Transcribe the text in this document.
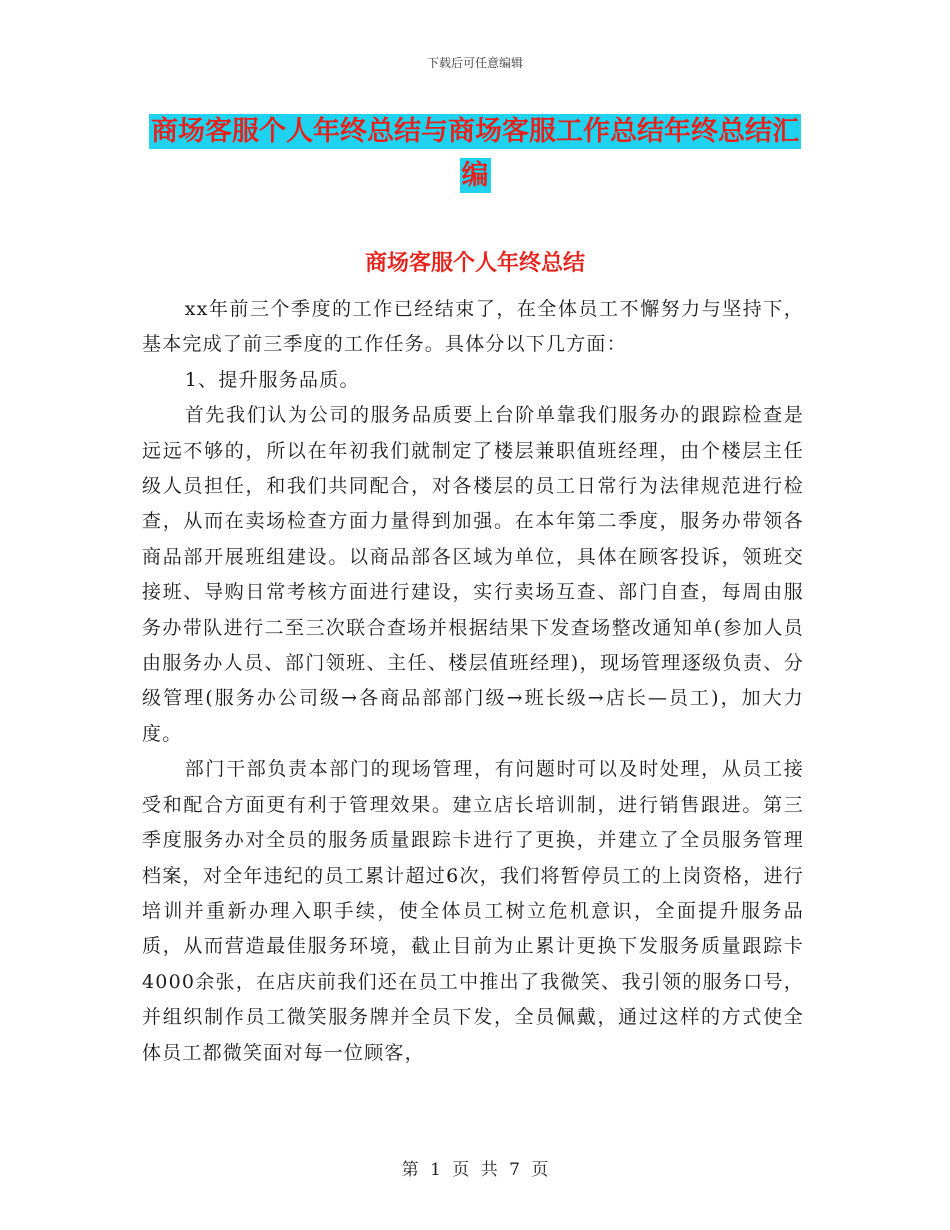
下载后可任意编辑
商场客服个人年终总结与商场客服工作总结年终总结汇编
商场客服个人年终总结

xx年前三个季度的工作已经结束了，在全体员工不懈努力与坚持下，基本完成了前三季度的工作任务。具体分以下几方面：

1、提升服务品质。

首先我们认为公司的服务品质要上台阶单靠我们服务办的跟踪检查是远远不够的，所以在年初我们就制定了楼层兼职值班经理，由个楼层主任级人员担任，和我们共同配合，对各楼层的员工日常行为法律规范进行检查，从而在卖场检查方面力量得到加强。在本年第二季度，服务办带领各商品部开展班组建设。以商品部各区域为单位，具体在顾客投诉，领班交接班、导购日常考核方面进行建设，实行卖场互查、部门自查，每周由服务办带队进行二至三次联合查场并根据结果下发查场整改通知单(参加人员由服务办人员、部门领班、主任、楼层值班经理)，现场管理逐级负责、分级管理(服务办公司级→各商品部部门级→班长级→店长—员工)，加大力度。

部门干部负责本部门的现场管理，有问题时可以及时处理，从员工接受和配合方面更有利于管理效果。建立店长培训制，进行销售跟进。第三季度服务办对全员的服务质量跟踪卡进行了更换，并建立了全员服务管理档案，对全年违纪的员工累计超过6次，我们将暂停员工的上岗资格，进行培训并重新办理入职手续，使全体员工树立危机意识，全面提升服务品质，从而营造最佳服务环境，截止目前为止累计更换下发服务质量跟踪卡4000余张，在店庆前我们还在员工中推出了我微笑、我引领的服务口号，并组织制作员工微笑服务牌并全员下发，全员佩戴，通过这样的方式使全体员工都微笑面对每一位顾客，

第 1 页 共 7 页
